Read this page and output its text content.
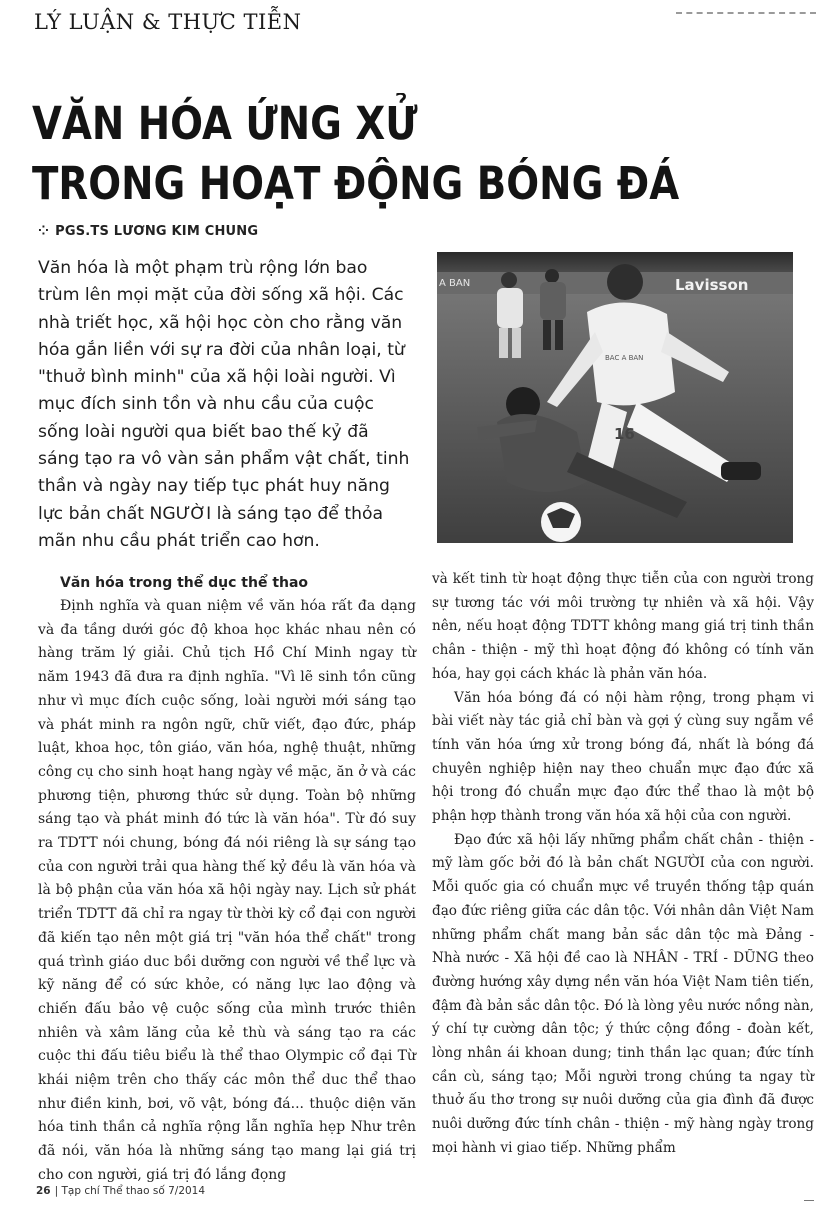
LÝ LUẬN & THỰC TIỄN
VĂN HÓA ỨNG XỬ
TRONG HOẠT ĐỘNG BÓNG ĐÁ
⁘ PGS.TS LƯƠNG KIM CHUNG

Văn hóa là một phạm trù rộng lớn bao trùm lên mọi mặt của đời sống xã hội. Các nhà triết học, xã hội học còn cho rằng văn hóa gắn liền với sự ra đời của nhân loại, từ "thuở bình minh" của xã hội loài người. Vì mục đích sinh tồn và nhu cầu của cuộc sống loài người qua biết bao thế kỷ đã sáng tạo ra vô vàn sản phẩm vật chất, tinh thần và ngày nay tiếp tục phát huy năng lực bản chất NGƯỜI là sáng tạo để thỏa mãn nhu cầu phát triển cao hơn.

A BAN	Lavisson
16
BAC A BAN

Văn hóa trong thể dục thể thao

Định nghĩa và quan niệm về văn hóa rất đa dạng và đa tầng dưới góc độ khoa học khác nhau nên có hàng trăm lý giải. Chủ tịch Hồ Chí Minh ngay từ năm 1943 đã đưa ra định nghĩa. "Vì lẽ sinh tồn cũng như vì mục đích cuộc sống, loài người mới sáng tạo và phát minh ra ngôn ngữ, chữ viết, đạo đức, pháp luật, khoa học, tôn giáo, văn hóa, nghệ thuật, những công cụ cho sinh hoạt hang ngày về mặc, ăn ở và các phương tiện, phương thức sử dụng. Toàn bộ những sáng tạo và phát minh đó tức là văn hóa". Từ đó suy ra TDTT nói chung, bóng đá nói riêng là sự sáng tạo của con người trải qua hàng thế kỷ đều là văn hóa và là bộ phận của văn hóa xã hội ngày nay. Lịch sử phát triển TDTT đã chỉ ra ngay từ thời kỳ cổ đại con người đã kiến tạo nên một giá trị "văn hóa thể chất" trong quá trình giáo duc bồi dưỡng con người về thể lực và kỹ năng để có sức khỏe, có năng lực lao động và chiến đấu bảo vệ cuộc sống của mình trước thiên nhiên và xâm lăng của kẻ thù và sáng tạo ra các cuộc thi đấu tiêu biểu là thể thao Olympic cổ đại Từ khái niệm trên cho thấy các môn thể duc thể thao như điền kinh, bơi, võ vật, bóng đá... thuộc diện văn hóa tinh thần cả nghĩa rộng lẫn nghĩa hẹp Như trên đã nói, văn hóa là những sáng tạo mang lại giá trị cho con người, giá trị đó lắng đọng

và kết tinh từ hoạt động thực tiễn của con người trong sự tương tác với môi trường tự nhiên và xã hội. Vậy nên, nếu hoạt động TDTT không mang giá trị tinh thần chân - thiện - mỹ thì hoạt động đó không có tính văn hóa, hay gọi cách khác là phản văn hóa.

Văn hóa bóng đá có nội hàm rộng, trong phạm vi bài viết này tác giả chỉ bàn và gợi ý cùng suy ngẫm về tính văn hóa ứng xử trong bóng đá, nhất là bóng đá chuyên nghiệp hiện nay theo chuẩn mực đạo đức xã hội trong đó chuẩn mực đạo đức thể thao là một bộ phận hợp thành trong văn hóa xã hội của con người.

Đạo đức xã hội lấy những phẩm chất chân - thiện - mỹ làm gốc bởi đó là bản chất NGƯỜI của con người. Mỗi quốc gia có chuẩn mực về truyền thống tập quán đạo đức riêng giữa các dân tộc. Với nhân dân Việt Nam những phẩm chất mang bản sắc dân tộc mà Đảng - Nhà nước - Xã hội đề cao là NHÂN - TRÍ - DŨNG theo đường hướng xây dựng nền văn hóa Việt Nam tiên tiến, đậm đà bản sắc dân tộc. Đó là lòng yêu nước nồng nàn, ý chí tự cường dân tộc; ý thức cộng đồng - đoàn kết, lòng nhân ái khoan dung; tinh thần lạc quan; đức tính cần cù, sáng tạo; Mỗi người trong chúng ta ngay từ thuở ấu thơ trong sự nuôi dưỡng của gia đình đã được nuôi dưỡng đức tính chân - thiện - mỹ hàng ngày trong mọi hành vi giao tiếp. Những phẩm

26 | Tạp chí Thể thao số 7/2014
